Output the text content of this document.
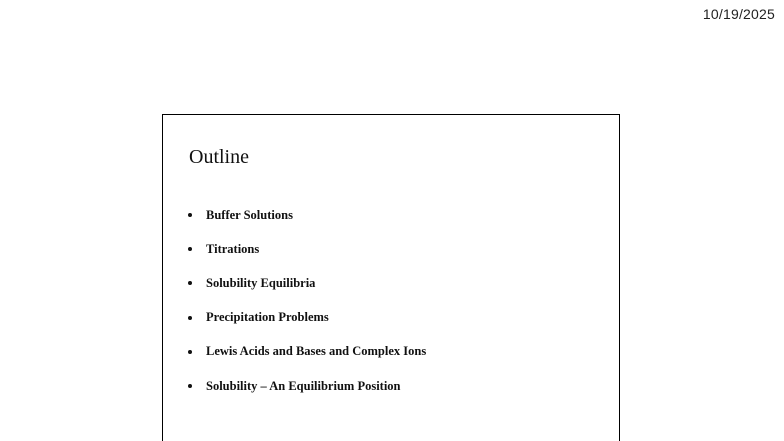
10/19/2025
Outline
Buffer Solutions
Titrations
Solubility Equilibria
Precipitation Problems
Lewis Acids and Bases and Complex Ions
Solubility – An Equilibrium Position
